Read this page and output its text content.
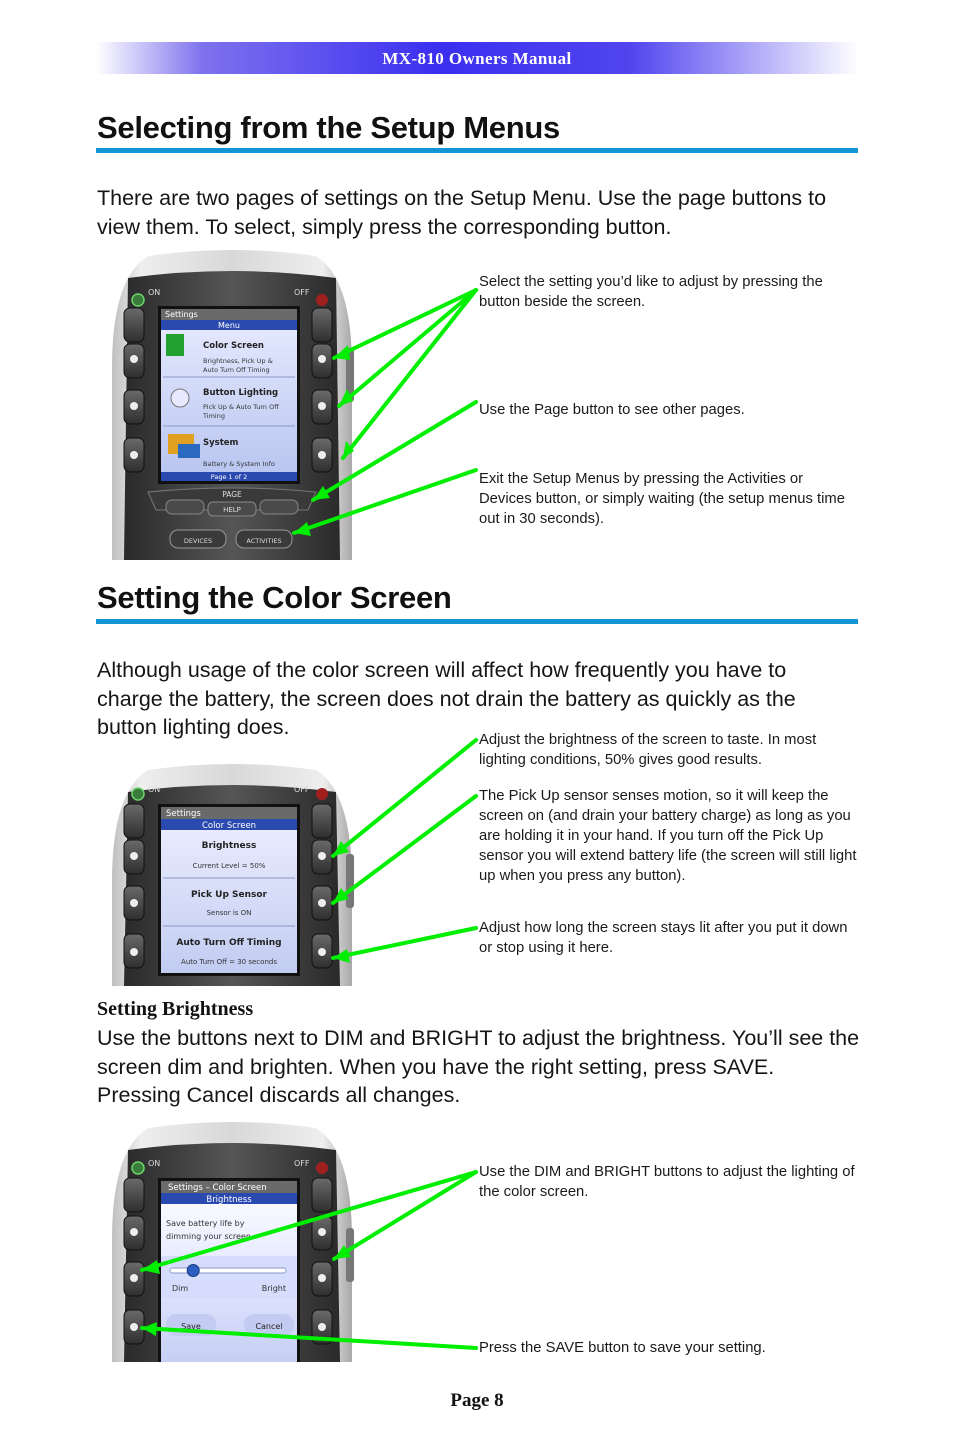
MX-810 Owners Manual
Selecting from the Setup Menus
There are two pages of settings on the Setup Menu. Use the page buttons to view them. To select, simply press the corresponding button.
ON	OFF
Settings
Menu
Color Screen
Brightness, Pick Up &
Auto Turn Off Timing
Button Lighting
Pick Up & Auto Turn Off
Timing
System
Battery & System Info
Page 1 of 2
PAGE
HELP
DEVICES	ACTIVITIES
Select the setting you’d like to adjust by pressing the button beside the screen.
Use the Page button to see other pages.
Exit the Setup Menus by pressing the Activities or Devices button, or simply waiting (the setup menus time out in 30 seconds).
Setting the Color Screen
Although usage of the color screen will affect how frequently you have to charge the battery, the screen does not drain the battery as quickly as the button lighting does.
ON	OFF
Settings
Color Screen
Brightness
Current Level = 50%
Pick Up Sensor
Sensor is ON
Auto Turn Off Timing
Auto Turn Off = 30 seconds
Adjust the brightness of the screen to taste. In most lighting conditions, 50% gives good results.
The Pick Up sensor senses motion, so it will keep the screen on (and drain your battery charge) as long as you are holding it in your hand. If you turn off the Pick Up sensor you will extend battery life (the screen will still light up when you press any button).
Adjust how long the screen stays lit after you put it down or stop using it here.
Setting Brightness
Use the buttons next to DIM and BRIGHT to adjust the brightness. You’ll see the screen dim and brighten. When you have the right setting, press SAVE. Pressing Cancel discards all changes.
ON	OFF
Settings – Color Screen
Brightness
Save battery life by
dimming your screen.
Dim	Bright
Save	Cancel
Use the DIM and BRIGHT buttons to adjust the lighting of the color screen.
Press the SAVE button to save your setting.
Page 8
